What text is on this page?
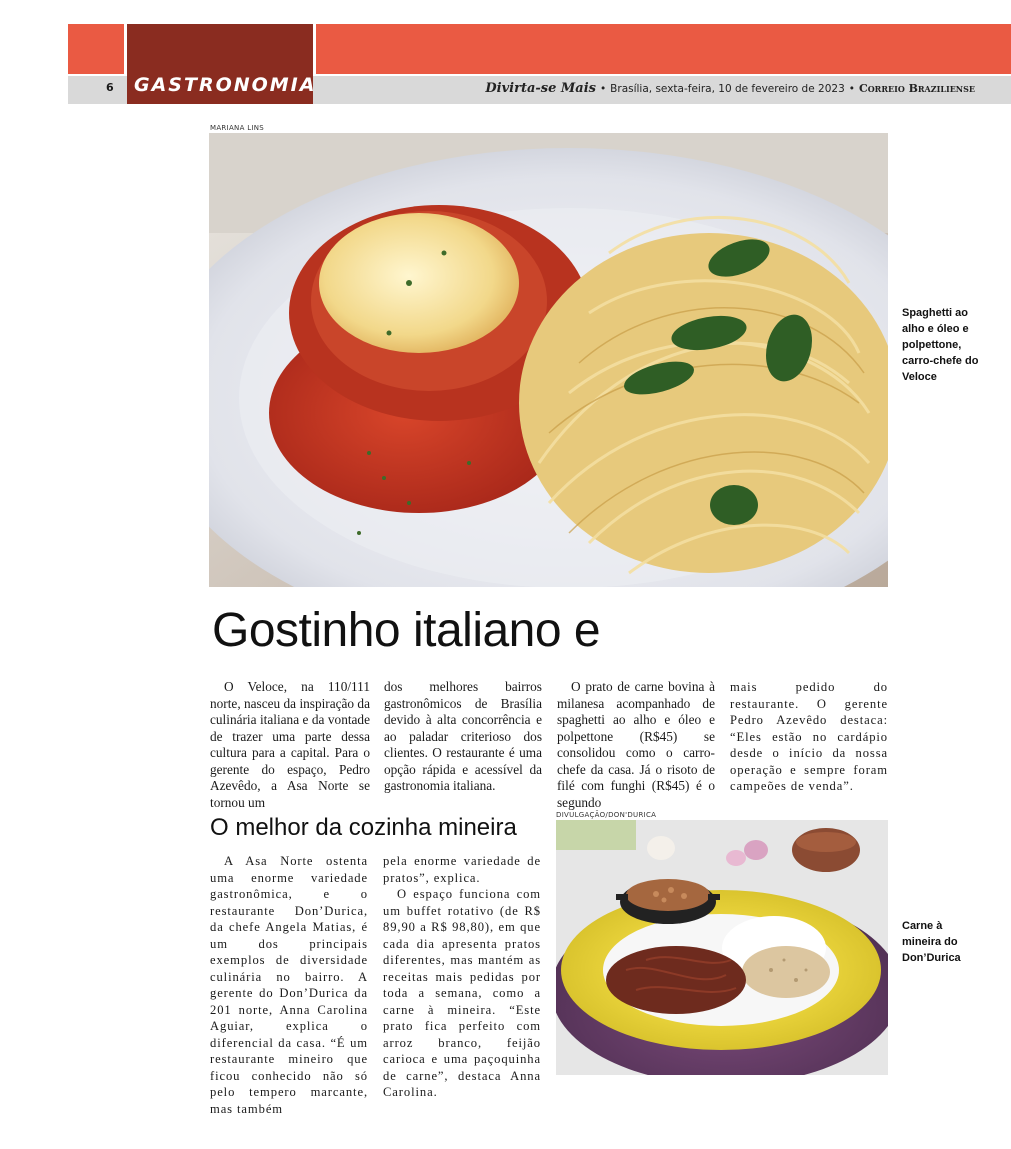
GASTRONOMIA
6	Divirta-se Mais • Brasília, sexta-feira, 10 de fevereiro de 2023 • Correio Braziliense
MARIANA LINS
Spaghetti ao alho e óleo e polpettone, carro-chefe do Veloce
Gostinho italiano e

O Veloce, na 110/111 norte, nasceu da inspiração da culinária italiana e da vontade de trazer uma parte dessa cultura para a capital. Para o gerente do espaço, Pedro Azevêdo, a Asa Norte se tornou um

dos melhores bairros gastronômicos de Brasília devido à alta concorrência e ao paladar criterioso dos clientes. O restaurante é uma opção rápida e acessível da gastronomia italiana.

O prato de carne bovina à milanesa acompanhado de spaghetti ao alho e óleo e polpettone (R$45) se consolidou como o carro-chefe da casa. Já o risoto de filé com funghi (R$45) é o segundo

mais pedido do restaurante. O gerente Pedro Azevêdo destaca: “Eles estão no cardápio desde o início da nossa operação e sempre foram campeões de venda”.

O melhor da cozinha mineira

A Asa Norte ostenta uma enorme variedade gastronômica, e o restaurante Don’Durica, da chefe Angela Matias, é um dos principais exemplos de diversidade culinária no bairro. A gerente do Don’Durica da 201 norte, Anna Carolina Aguiar, explica o diferencial da casa. “É um restaurante mineiro que ficou conhecido não só pelo tempero marcante, mas também

pela enorme variedade de pratos”, explica.

O espaço funciona com um buffet rotativo (de R$ 89,90 a R$ 98,80), em que cada dia apresenta pratos diferentes, mas mantém as receitas mais pedidas por toda a semana, como a carne à mineira. “Este prato fica perfeito com arroz branco, feijão carioca e uma paçoquinha de carne”, destaca Anna Carolina.

DIVULGAÇÃO/DON'DURICA
Carne à mineira do Don’Durica
